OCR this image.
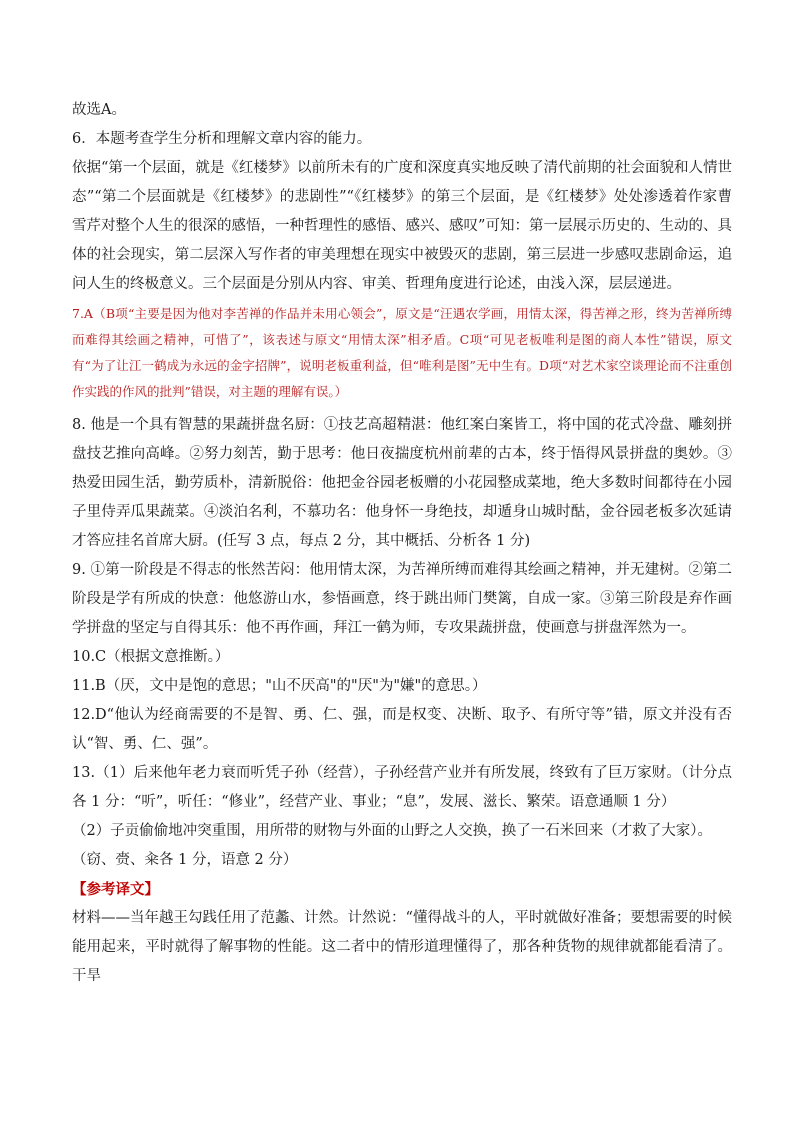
故选A。

6．本题考查学生分析和理解文章内容的能力。

依据“第一个层面，就是《红楼梦》以前所未有的广度和深度真实地反映了清代前期的社会面貌和人情世态”“第二个层面就是《红楼梦》的悲剧性”“《红楼梦》的第三个层面，是《红楼梦》处处渗透着作家曹雪芹对整个人生的很深的感悟，一种哲理性的感悟、感兴、感叹”可知：第一层展示历史的、生动的、具体的社会现实，第二层深入写作者的审美理想在现实中被毁灭的悲剧，第三层进一步感叹悲剧命运，追问人生的终极意义。三个层面是分别从内容、审美、哲理角度进行论述，由浅入深，层层递进。

7.A（B项“主要是因为他对李苦禅的作品并未用心领会”，原文是“汪遇农学画，用情太深，得苦禅之形，终为苦禅所缚而难得其绘画之精神，可惜了”，该表述与原文“用情太深”相矛盾。C项“可见老板唯利是图的商人本性”错误，原文有“为了让江一鹤成为永远的金字招牌”，说明老板重利益，但“唯利是图”无中生有。D项“对艺术家空谈理论而不注重创作实践的作风的批判”错误，对主题的理解有误。）

8. 他是一个具有智慧的果蔬拼盘名厨：①技艺高超精湛：他红案白案皆工，将中国的花式冷盘、雕刻拼盘技艺推向高峰。②努力刻苦，勤于思考：他日夜揣度杭州前辈的古本，终于悟得风景拼盘的奥妙。③热爱田园生活，勤劳质朴，清新脱俗：他把金谷园老板赠的小花园整成菜地，绝大多数时间都待在小园子里侍弄瓜果蔬菜。④淡泊名利，不慕功名：他身怀一身绝技，却遁身山城时酤，金谷园老板多次延请才答应挂名首席大厨。(任写 3 点，每点 2 分，其中概括、分析各 1 分)

9. ①第一阶段是不得志的怅然苦闷：他用情太深，为苦禅所缚而难得其绘画之精神，并无建树。②第二阶段是学有所成的快意：他悠游山水，参悟画意，终于跳出师门樊篱，自成一家。③第三阶段是弃作画学拼盘的坚定与自得其乐：他不再作画，拜江一鹤为师，专攻果蔬拼盘，使画意与拼盘浑然为一。

10.C（根据文意推断。）

11.B（厌，文中是饱的意思；"山不厌高"的"厌"为"嫌"的意思。）

12.D“他认为经商需要的不是智、勇、仁、强，而是权变、决断、取予、有所守等”错，原文并没有否认“智、勇、仁、强”。

13.（1）后来他年老力衰而听凭子孙（经营），子孙经营产业并有所发展，终致有了巨万家财。（计分点各 1 分：“听”，听任：“修业”，经营产业、事业；“息”，发展、滋长、繁荣。语意通顺 1 分）

（2）子贡偷偷地冲突重围，用所带的财物与外面的山野之人交换，换了一石米回来（才救了大家）。

（窃、赍、籴各 1 分，语意 2 分）

【参考译文】

材料——当年越王勾践任用了范蠡、计然。计然说：“懂得战斗的人，平时就做好准备；要想需要的时候能用起来，平时就得了解事物的性能。这二者中的情形道理懂得了，那各种货物的规律就都能看清了。干旱
